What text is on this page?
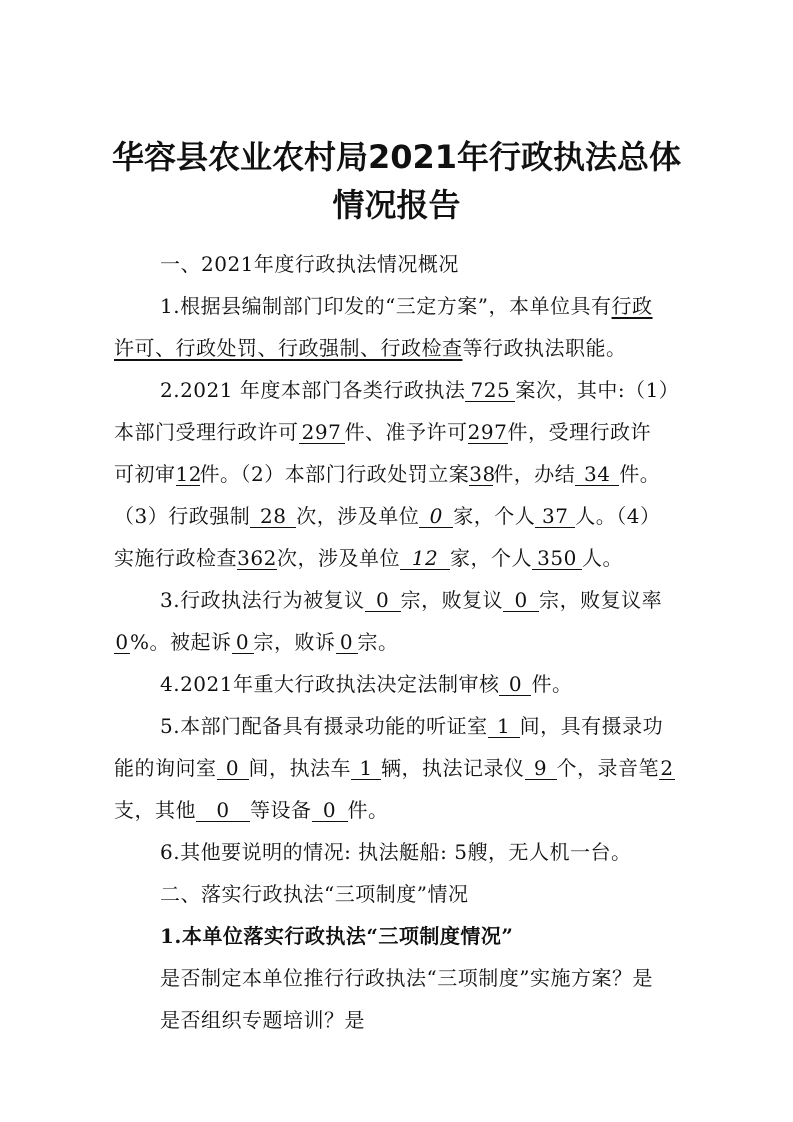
华容县农业农村局2021年行政执法总体
情况报告
一、2021年度行政执法情况概况
1.根据县编制部门印发的“三定方案”，本单位具有行政
许可、行政处罚、行政强制、行政检查等行政执法职能。
2.2021 年度本部门各类行政执法 725 案次，其中:（1）
本部门受理行政许可 297 件、准予许可297件，受理行政许
可初审12件。（2）本部门行政处罚立案38件，办结 34 件。
（3）行政强制 28 次，涉及单位 0 家，个人 37 人。（4）
实施行政检查362次，涉及单位 12 家，个人 350 人。
3.行政执法行为被复议 0 宗，败复议 0 宗，败复议率
0%。被起诉 0 宗，败诉 0 宗。
4.2021年重大行政执法决定法制审核 0 件。
5.本部门配备具有摄录功能的听证室 1 间，具有摄录功
能的询问室 0 间，执法车 1 辆，执法记录仪 9 个，录音笔2
支，其他 0 等设备 0 件。
6.其他要说明的情况: 执法艇船: 5艘，无人机一台。
二、落实行政执法“三项制度”情况
1.本单位落实行政执法“三项制度情况”
是否制定本单位推行行政执法“三项制度”实施方案？是
是否组织专题培训？是
